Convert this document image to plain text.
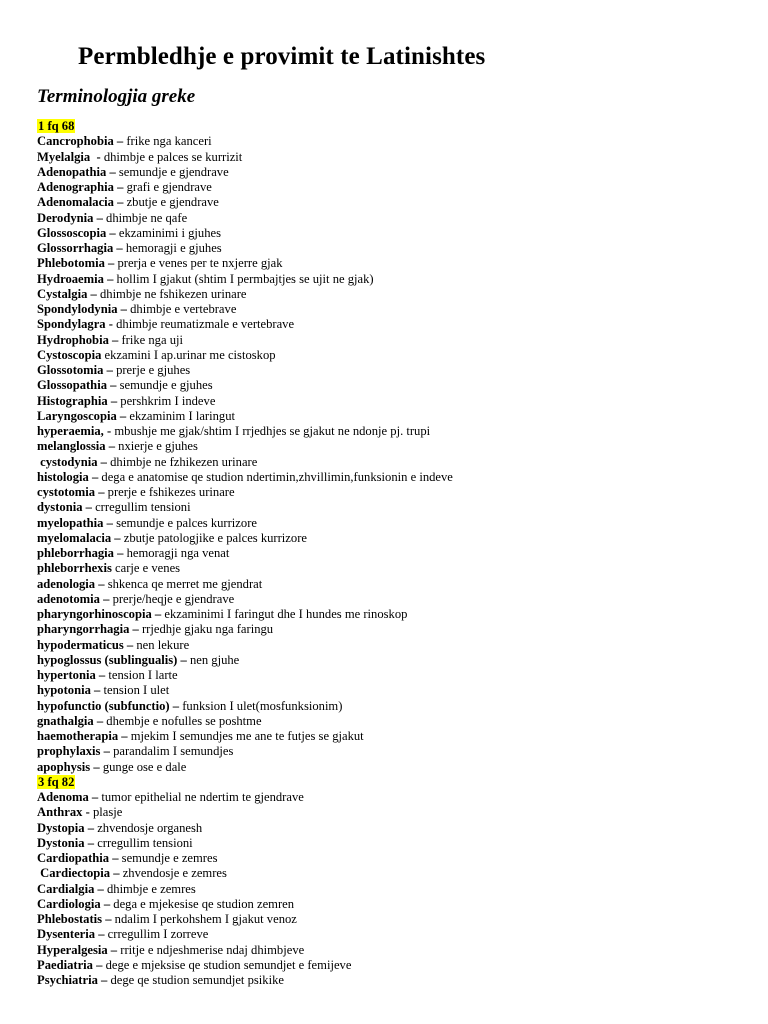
Permbledhje e provimit te Latinishtes
Terminologjia greke
1 fq 68
Cancrophobia – frike nga kanceri
Myelalgia  - dhimbje e palces se kurrizit
Adenopathia – semundje e gjendrave
Adenographia – grafi e gjendrave
Adenomalacia – zbutje e gjendrave
Derodynia – dhimbje ne qafe
Glossoscopia – ekzaminimi i gjuhes
Glossorrhagia – hemoragji e gjuhes
Phlebotomia – prerja e venes per te nxjerre gjak
Hydroaemia – hollim I gjakut (shtim I permbajtjes se ujit ne gjak)
Cystalgia – dhimbje ne fshikezen urinare
Spondylodynia – dhimbje e vertebrave
Spondylagra - dhimbje reumatizmale e vertebrave
Hydrophobia – frike nga uji
Cystoscopia ekzamini I ap.urinar me cistoskop
Glossotomia – prerje e gjuhes
Glossopathia – semundje e gjuhes
Histographia – pershkrim I indeve
Laryngoscopia – ekzaminim I laringut
hyperaemia, - mbushje me gjak/shtim I rrjedhjes se gjakut ne ndonje pj. trupi
melanglossia – nxierje e gjuhes
cystodynia – dhimbje ne fzhikezen urinare
histologia – dega e anatomise qe studion ndertimin,zhvillimin,funksionin e indeve
cystotomia – prerje e fshikezes urinare
dystonia – crregullim tensioni
myelopathia – semundje e palces kurrizore
myelomalacia – zbutje patologjike e palces kurrizore
phleborrhagia – hemoragji nga venat
phleborrhexis carje e venes
adenologia – shkenca qe merret me gjendrat
adenotomia – prerje/heqje e gjendrave
pharyngorhinoscopia – ekzaminimi I faringut dhe I hundes me rinoskop
pharyngorrhagia – rrjedhje gjaku nga faringu
hypodermaticus – nen lekure
hypoglossus (sublingualis) – nen gjuhe
hypertonia – tension I larte
hypotonia – tension I ulet
hypofunctio (subfunctio) – funksion I ulet(mosfunksionim)
gnathalgia – dhembje e nofulles se poshtme
haemotherapia – mjekim I semundjes me ane te futjes se gjakut
prophylaxis – parandalim I semundjes
apophysis – gunge ose e dale
3 fq 82
Adenoma – tumor epithelial ne ndertim te gjendrave
Anthrax - plasje
Dystopia – zhvendosje organesh
Dystonia – crregullim tensioni
Cardiopathia – semundje e zemres
Cardiectopia – zhvendosje e zemres
Cardialgia – dhimbje e zemres
Cardiologia – dega e mjekesise qe studion zemren
Phlebostatis – ndalim I perkohshem I gjakut venoz
Dysenteria – crregullim I zorreve
Hyperalgesia – rritje e ndjeshmerise ndaj dhimbjeve
Paediatria – dege e mjeksise qe studion semundjet e femijeve
Psychiatria – dege qe studion semundjet psikike
